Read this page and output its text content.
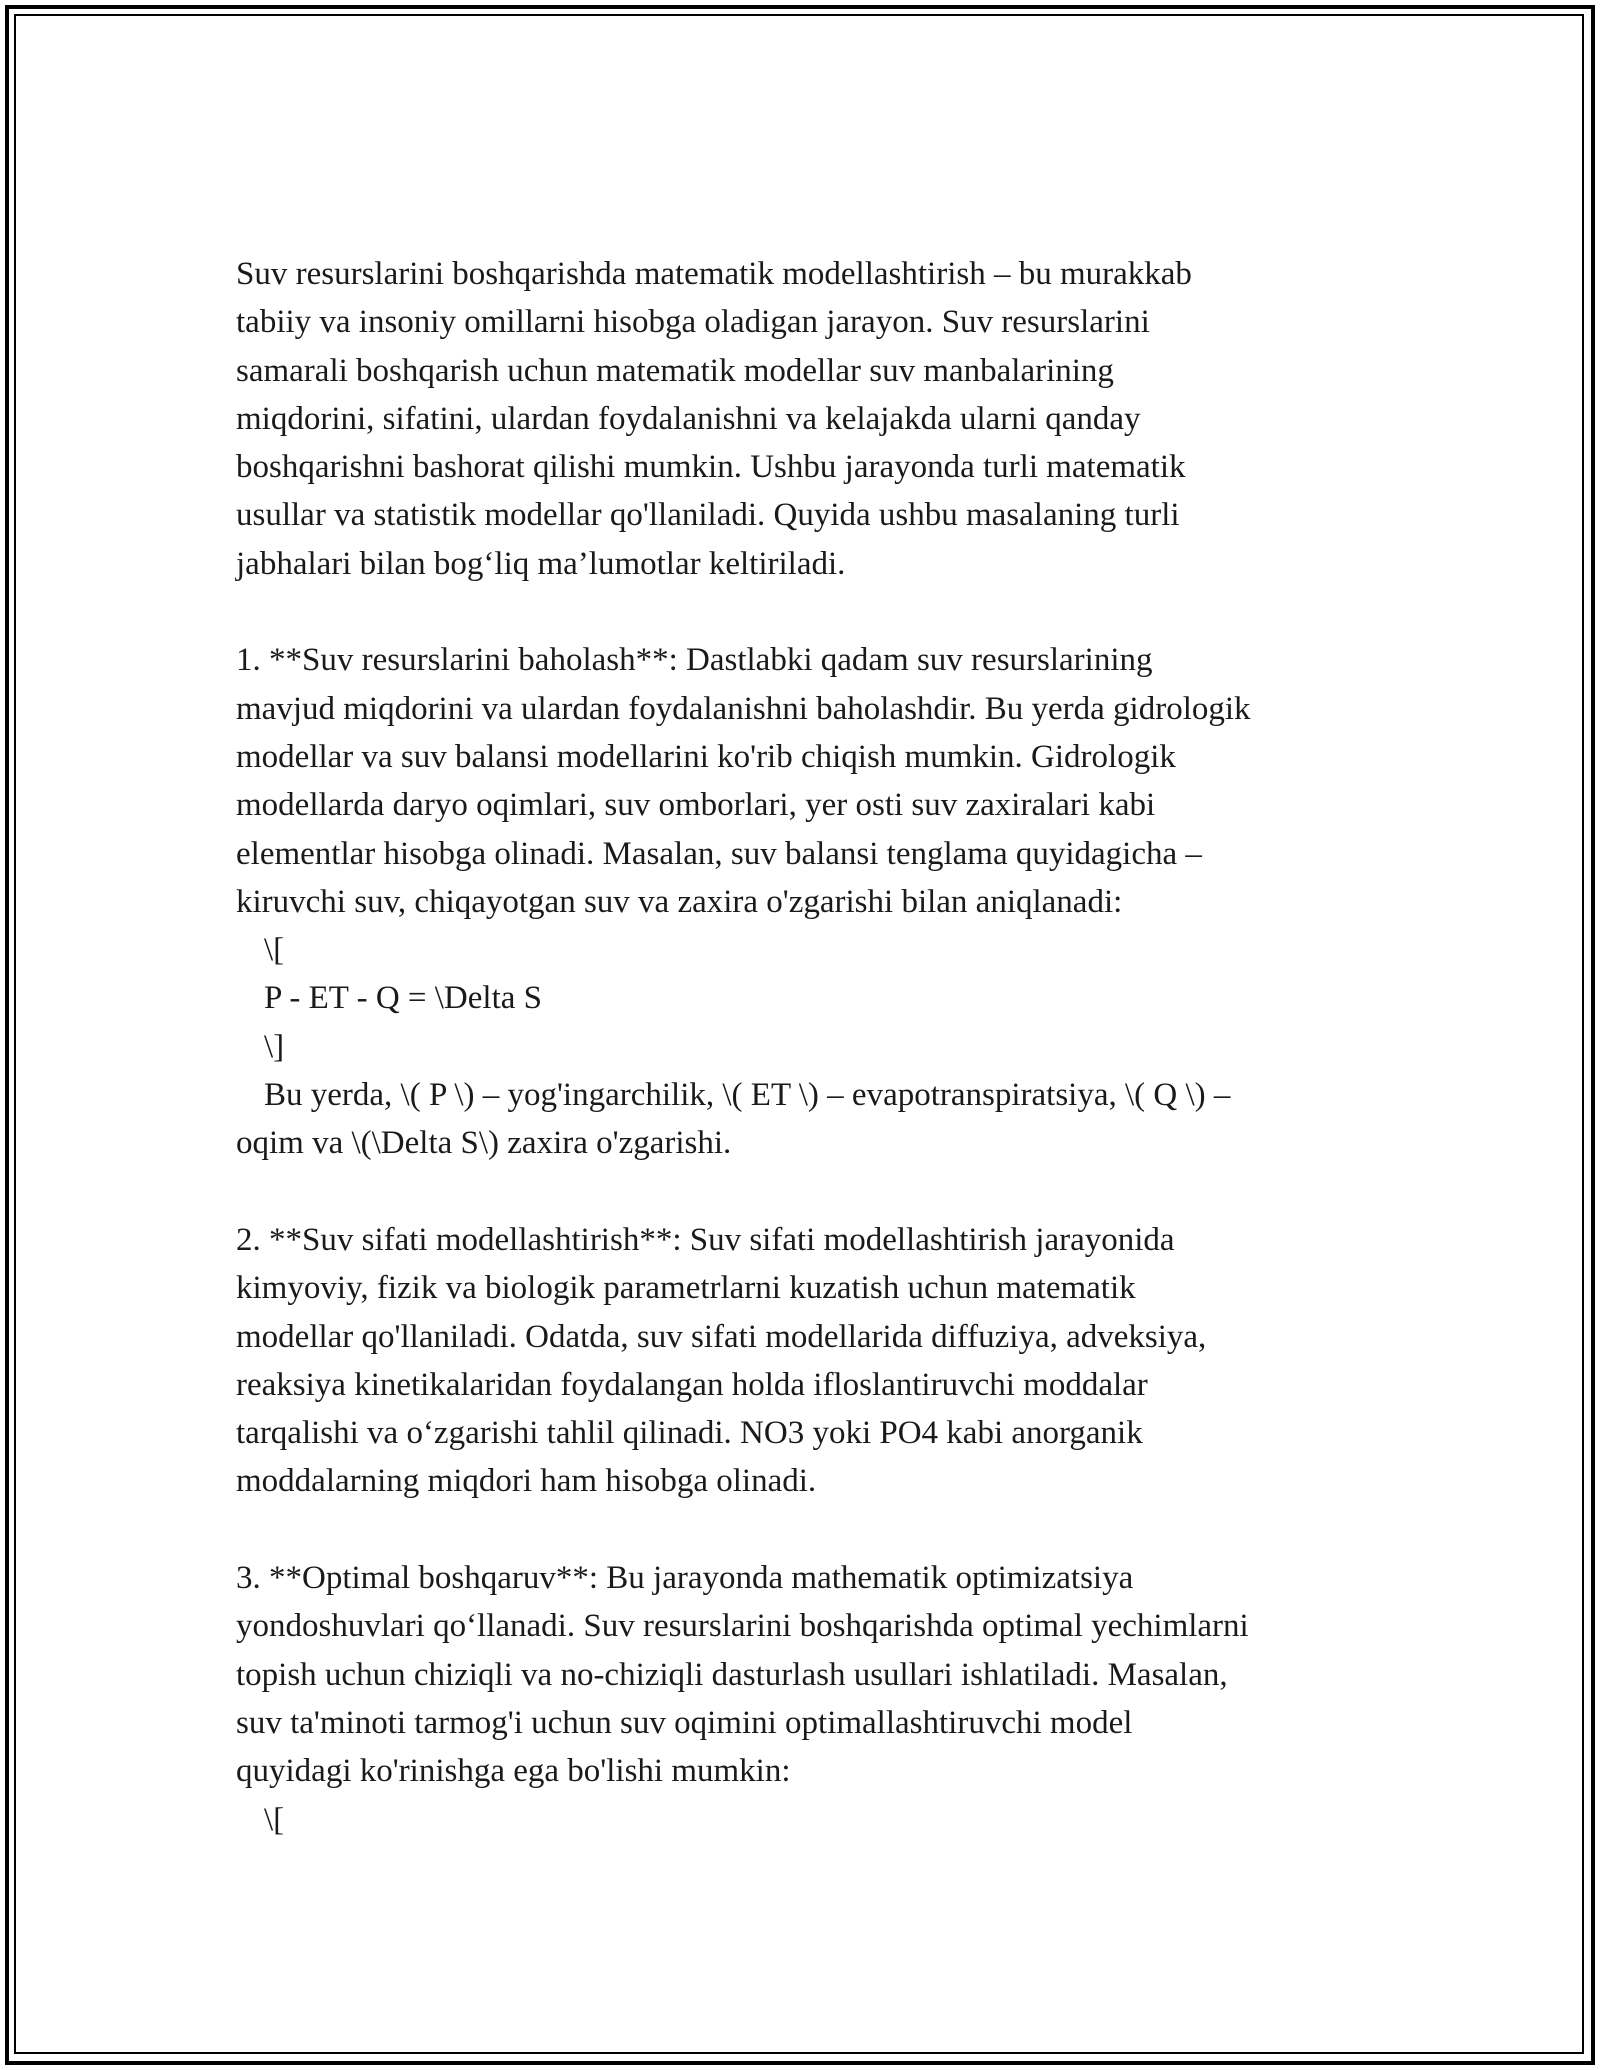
Suv resurslarini boshqarishda matematik modellashtirish – bu murakkab
tabiiy va insoniy omillarni hisobga oladigan jarayon. Suv resurslarini
samarali boshqarish uchun matematik modellar suv manbalarining
miqdorini, sifatini, ulardan foydalanishni va kelajakda ularni qanday
boshqarishni bashorat qilishi mumkin. Ushbu jarayonda turli matematik
usullar va statistik modellar qo'llaniladi. Quyida ushbu masalaning turli
jabhalari bilan bog‘liq ma’lumotlar keltiriladi.
1. **Suv resurslarini baholash**: Dastlabki qadam suv resurslarining
mavjud miqdorini va ulardan foydalanishni baholashdir. Bu yerda gidrologik
modellar va suv balansi modellarini ko'rib chiqish mumkin. Gidrologik
modellarda daryo oqimlari, suv omborlari, yer osti suv zaxiralari kabi
elementlar hisobga olinadi. Masalan, suv balansi tenglama quyidagicha –
kiruvchi suv, chiqayotgan suv va zaxira o'zgarishi bilan aniqlanadi:
\[
P - ET - Q = \Delta S
\]
Bu yerda, \( P \) – yog'ingarchilik, \( ET \) – evapotranspiratsiya, \( Q \) –
oqim va \(\Delta S\) zaxira o'zgarishi.
2. **Suv sifati modellashtirish**: Suv sifati modellashtirish jarayonida
kimyoviy, fizik va biologik parametrlarni kuzatish uchun matematik
modellar qo'llaniladi. Odatda, suv sifati modellarida diffuziya, adveksiya,
reaksiya kinetikalaridan foydalangan holda ifloslantiruvchi moddalar
tarqalishi va o‘zgarishi tahlil qilinadi. NO3 yoki PO4 kabi anorganik
moddalarning miqdori ham hisobga olinadi.
3. **Optimal boshqaruv**: Bu jarayonda mathematik optimizatsiya
yondoshuvlari qo‘llanadi. Suv resurslarini boshqarishda optimal yechimlarni
topish uchun chiziqli va no-chiziqli dasturlash usullari ishlatiladi. Masalan,
suv ta'minoti tarmog'i uchun suv oqimini optimallashtiruvchi model
quyidagi ko'rinishga ega bo'lishi mumkin:
\[
